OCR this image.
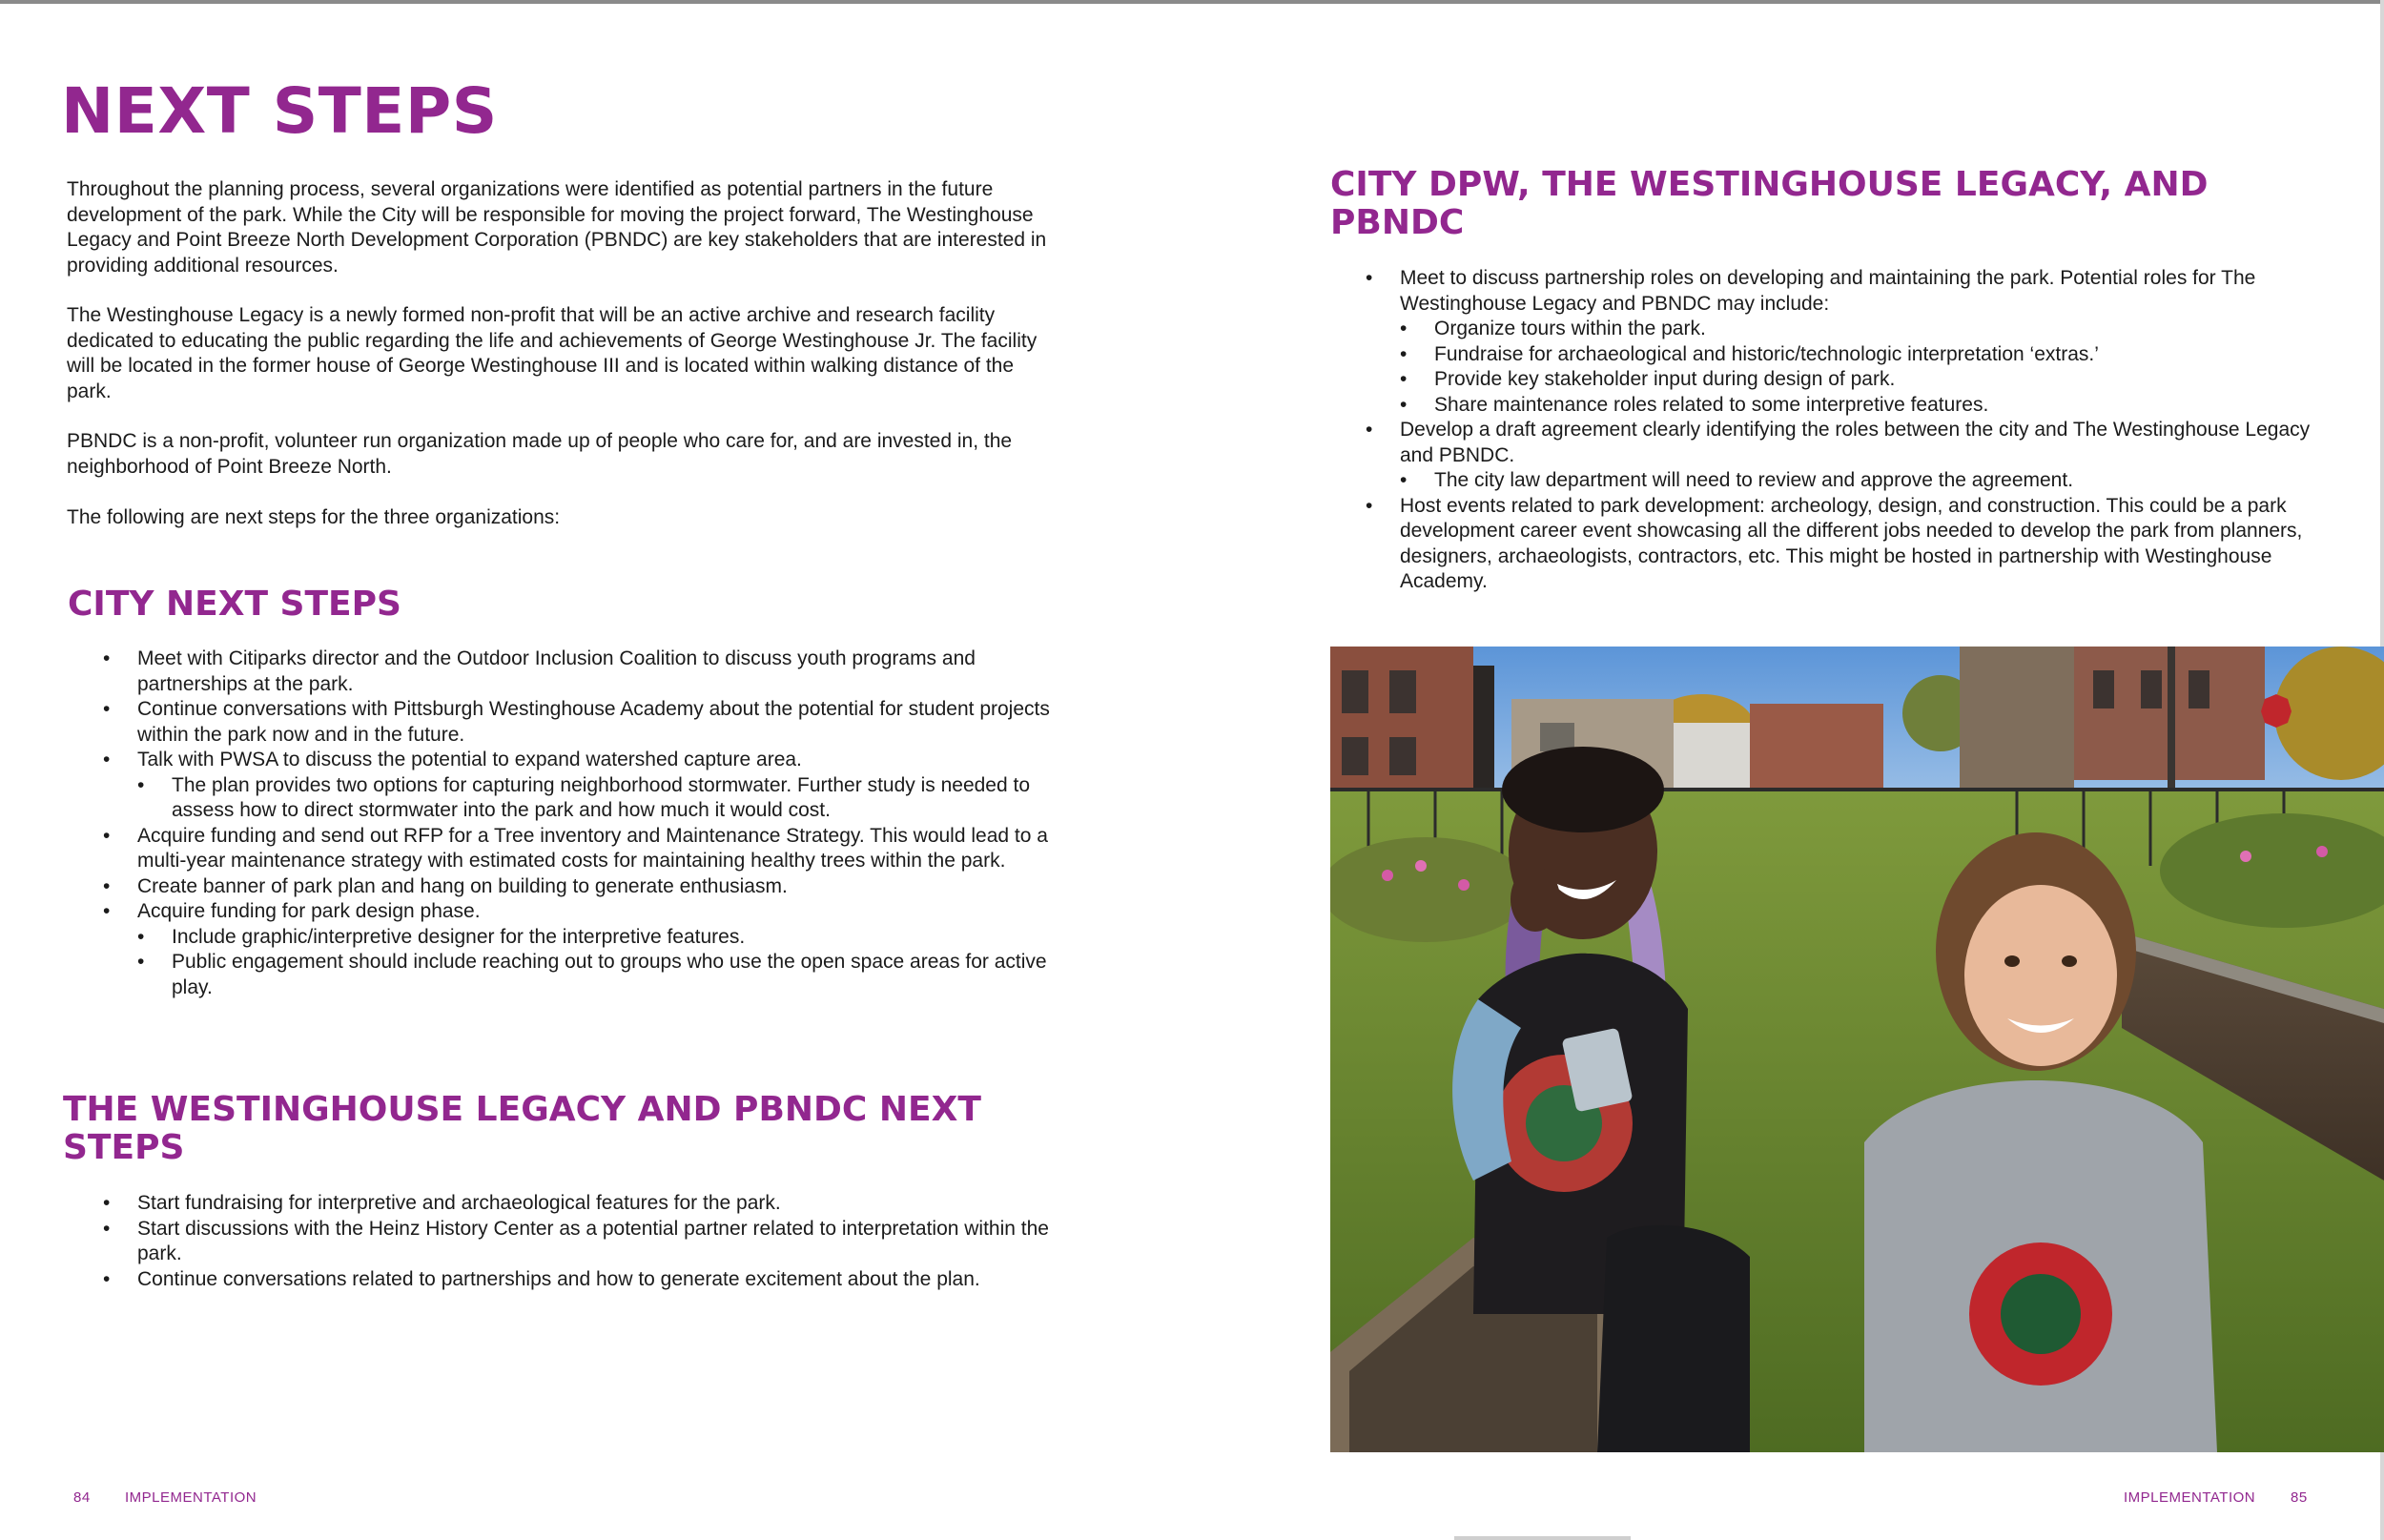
NEXT STEPS

Throughout the planning process, several organizations were identified as potential partners in the future development of the park. While the City will be responsible for moving the project forward, The Westinghouse Legacy and Point Breeze North Development Corporation (PBNDC) are key stakeholders that are interested in providing additional resources.

The Westinghouse Legacy is a newly formed non-profit that will be an active archive and research facility dedicated to educating the public regarding the life and achievements of George Westinghouse Jr. The facility will be located in the former house of George Westinghouse III and is located within walking distance of the park.

PBNDC is a non-profit, volunteer run organization made up of people who care for, and are invested in, the neighborhood of Point Breeze North.

The following are next steps for the three organizations:

CITY NEXT STEPS
• Meet with Citiparks director and the Outdoor Inclusion Coalition to discuss youth programs and partnerships at the park.
• Continue conversations with Pittsburgh Westinghouse Academy about the potential for student projects within the park now and in the future.
• Talk with PWSA to discuss the potential to expand watershed capture area.
• The plan provides two options for capturing neighborhood stormwater. Further study is needed to assess how to direct stormwater into the park and how much it would cost.
• Acquire funding and send out RFP for a Tree inventory and Maintenance Strategy. This would lead to a multi-year maintenance strategy with estimated costs for maintaining healthy trees within the park.
• Create banner of park plan and hang on building to generate enthusiasm.
• Acquire funding for park design phase.
• Include graphic/interpretive designer for the interpretive features.
• Public engagement should include reaching out to groups who use the open space areas for active play.
THE WESTINGHOUSE LEGACY AND PBNDC NEXT STEPS
• Start fundraising for interpretive and archaeological features for the park.
• Start discussions with the Heinz History Center as a potential partner related to interpretation within the park.
• Continue conversations related to partnerships and how to generate excitement about the plan.
84 IMPLEMENTATION
CITY DPW, THE WESTINGHOUSE LEGACY, AND PBNDC
• Meet to discuss partnership roles on developing and maintaining the park. Potential roles for The Westinghouse Legacy and PBNDC may include:
• Organize tours within the park.
• Fundraise for archaeological and historic/technologic interpretation ‘extras.’
• Provide key stakeholder input during design of park.
• Share maintenance roles related to some interpretive features.
• Develop a draft agreement clearly identifying the roles between the city and The Westinghouse Legacy and PBNDC.
• The city law department will need to review and approve the agreement.
• Host events related to park development: archeology, design, and construction. This could be a park development career event showcasing all the different jobs needed to develop the park from planners, designers, archaeologists, contractors, etc. This might be hosted in partnership with Westinghouse Academy.
IMPLEMENTATION 85
